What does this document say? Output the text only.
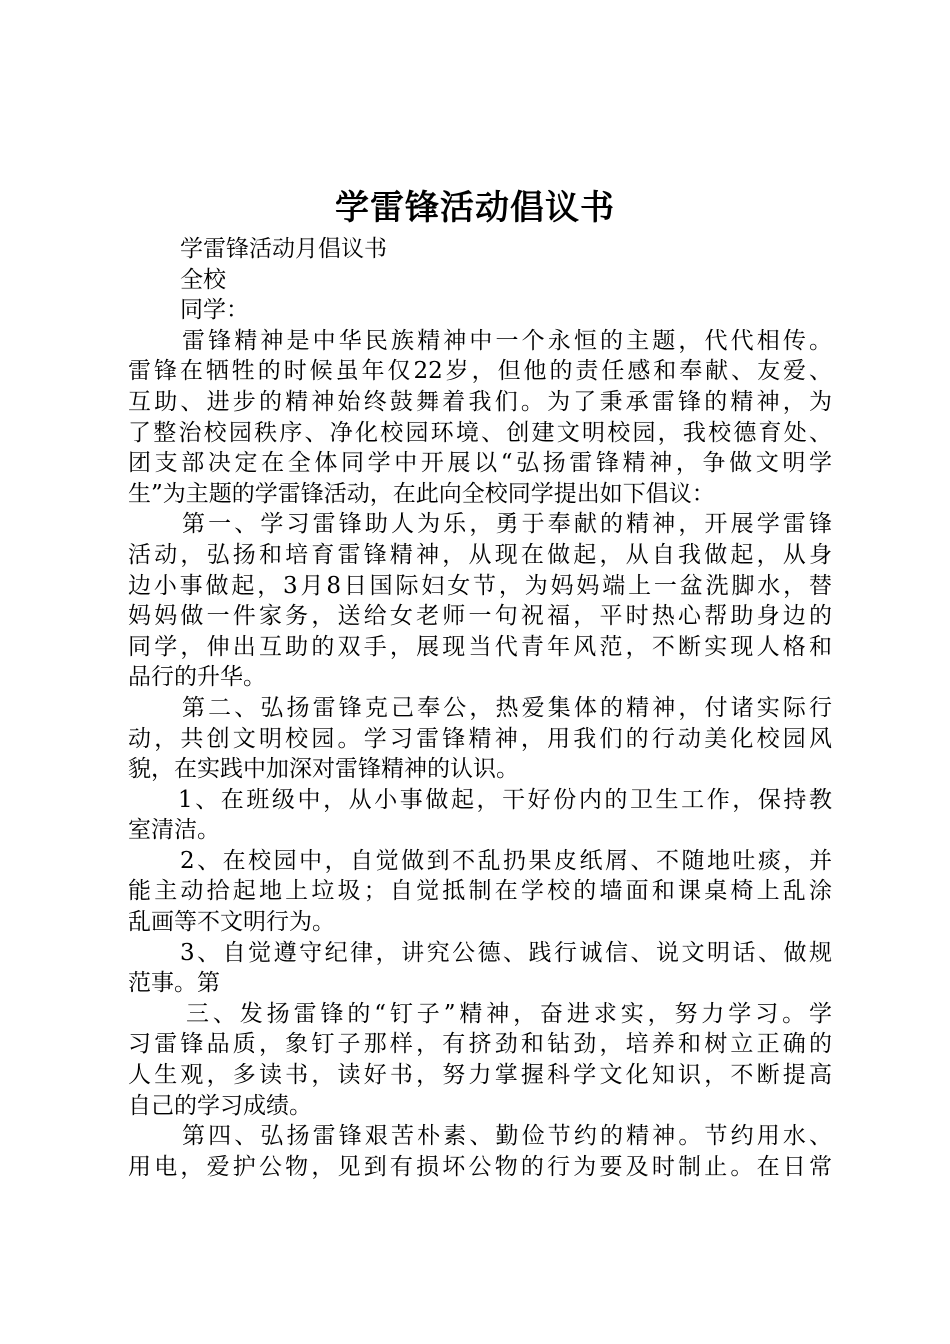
学雷锋活动倡议书
学雷锋活动月倡议书
全校
同学：
雷锋精神是中华民族精神中一个永恒的主题，代代相传。
雷锋在牺牲的时候虽年仅22岁，但他的责任感和奉献、友爱、
互助、进步的精神始终鼓舞着我们。为了秉承雷锋的精神，为
了整治校园秩序、净化校园环境、创建文明校园，我校德育处、
团支部决定在全体同学中开展以“弘扬雷锋精神，争做文明学
生”为主题的学雷锋活动，在此向全校同学提出如下倡议：
第一、学习雷锋助人为乐，勇于奉献的精神，开展学雷锋
活动，弘扬和培育雷锋精神，从现在做起，从自我做起，从身
边小事做起，3月8日国际妇女节，为妈妈端上一盆洗脚水，替
妈妈做一件家务，送给女老师一句祝福，平时热心帮助身边的
同学，伸出互助的双手，展现当代青年风范，不断实现人格和
品行的升华。
第二、弘扬雷锋克己奉公，热爱集体的精神，付诸实际行
动，共创文明校园。学习雷锋精神，用我们的行动美化校园风
貌，在实践中加深对雷锋精神的认识。
1、在班级中，从小事做起，干好份内的卫生工作，保持教
室清洁。
2、在校园中，自觉做到不乱扔果皮纸屑、不随地吐痰，并
能主动拾起地上垃圾；自觉抵制在学校的墙面和课桌椅上乱涂
乱画等不文明行为。
3、自觉遵守纪律，讲究公德、践行诚信、说文明话、做规
范事。第
三、发扬雷锋的“钉子”精神，奋进求实，努力学习。学
习雷锋品质，象钉子那样，有挤劲和钻劲，培养和树立正确的
人生观，多读书，读好书，努力掌握科学文化知识，不断提高
自己的学习成绩。
第四、弘扬雷锋艰苦朴素、勤俭节约的精神。节约用水、
用电，爱护公物，见到有损坏公物的行为要及时制止。在日常
